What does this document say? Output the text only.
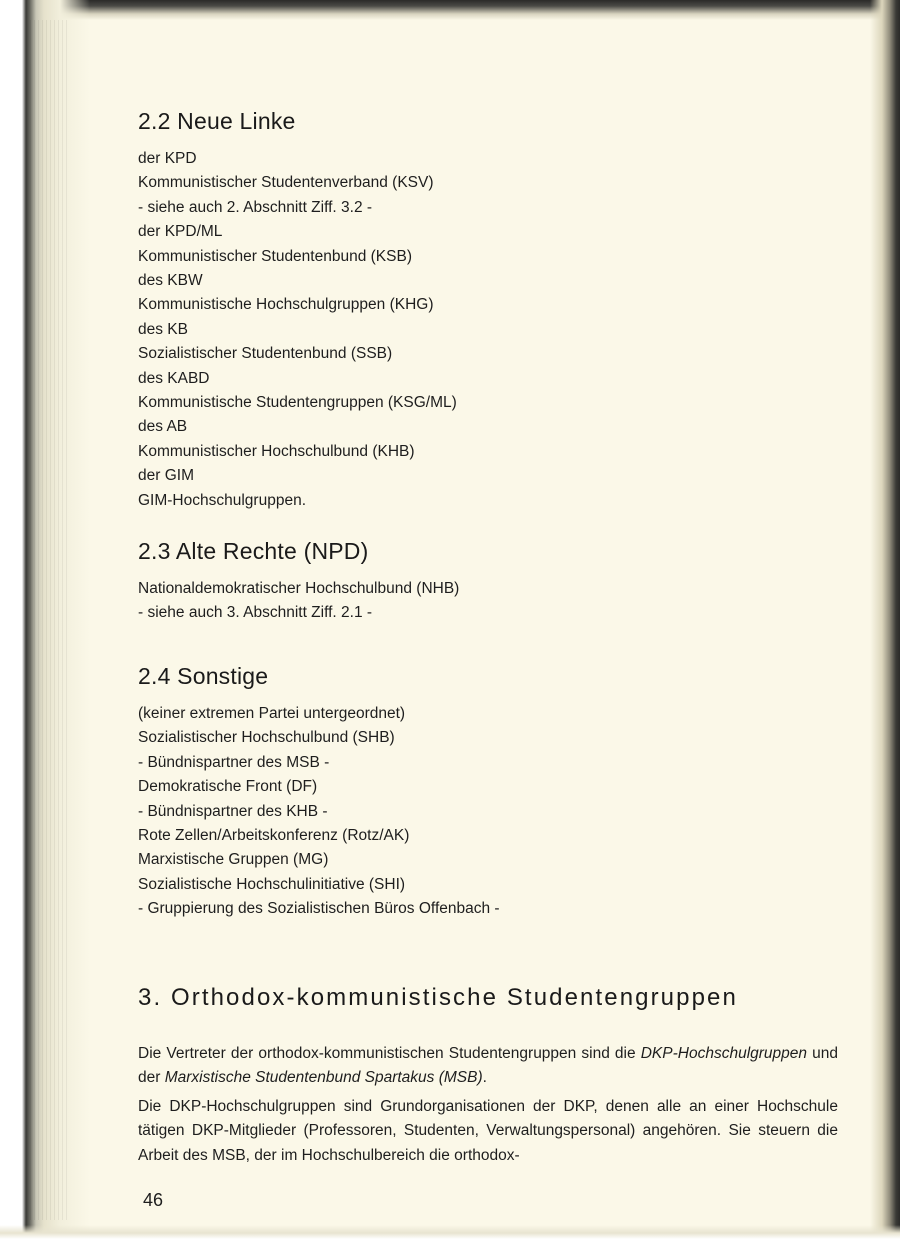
2.2 Neue Linke
der KPD
Kommunistischer Studentenverband (KSV)
- siehe auch 2. Abschnitt Ziff. 3.2 -
der KPD/ML
Kommunistischer Studentenbund (KSB)
des KBW
Kommunistische Hochschulgruppen (KHG)
des KB
Sozialistischer Studentenbund (SSB)
des KABD
Kommunistische Studentengruppen (KSG/ML)
des AB
Kommunistischer Hochschulbund (KHB)
der GIM
GIM-Hochschulgruppen.
2.3 Alte Rechte (NPD)
Nationaldemokratischer Hochschulbund (NHB)
- siehe auch 3. Abschnitt Ziff. 2.1 -
2.4 Sonstige
(keiner extremen Partei untergeordnet)
Sozialistischer Hochschulbund (SHB)
- Bündnispartner des MSB -
Demokratische Front (DF)
- Bündnispartner des KHB -
Rote Zellen/Arbeitskonferenz (Rotz/AK)
Marxistische Gruppen (MG)
Sozialistische Hochschulinitiative (SHI)
- Gruppierung des Sozialistischen Büros Offenbach -
3. Orthodox-kommunistische Studentengruppen

Die Vertreter der orthodox-kommunistischen Studentengruppen sind die DKP-Hochschulgruppen und der Marxistische Studentenbund Spartakus (MSB).

Die DKP-Hochschulgruppen sind Grundorganisationen der DKP, denen alle an einer Hochschule tätigen DKP-Mitglieder (Professoren, Studenten, Verwaltungspersonal) angehören. Sie steuern die Arbeit des MSB, der im Hochschulbereich die orthodox-

46
